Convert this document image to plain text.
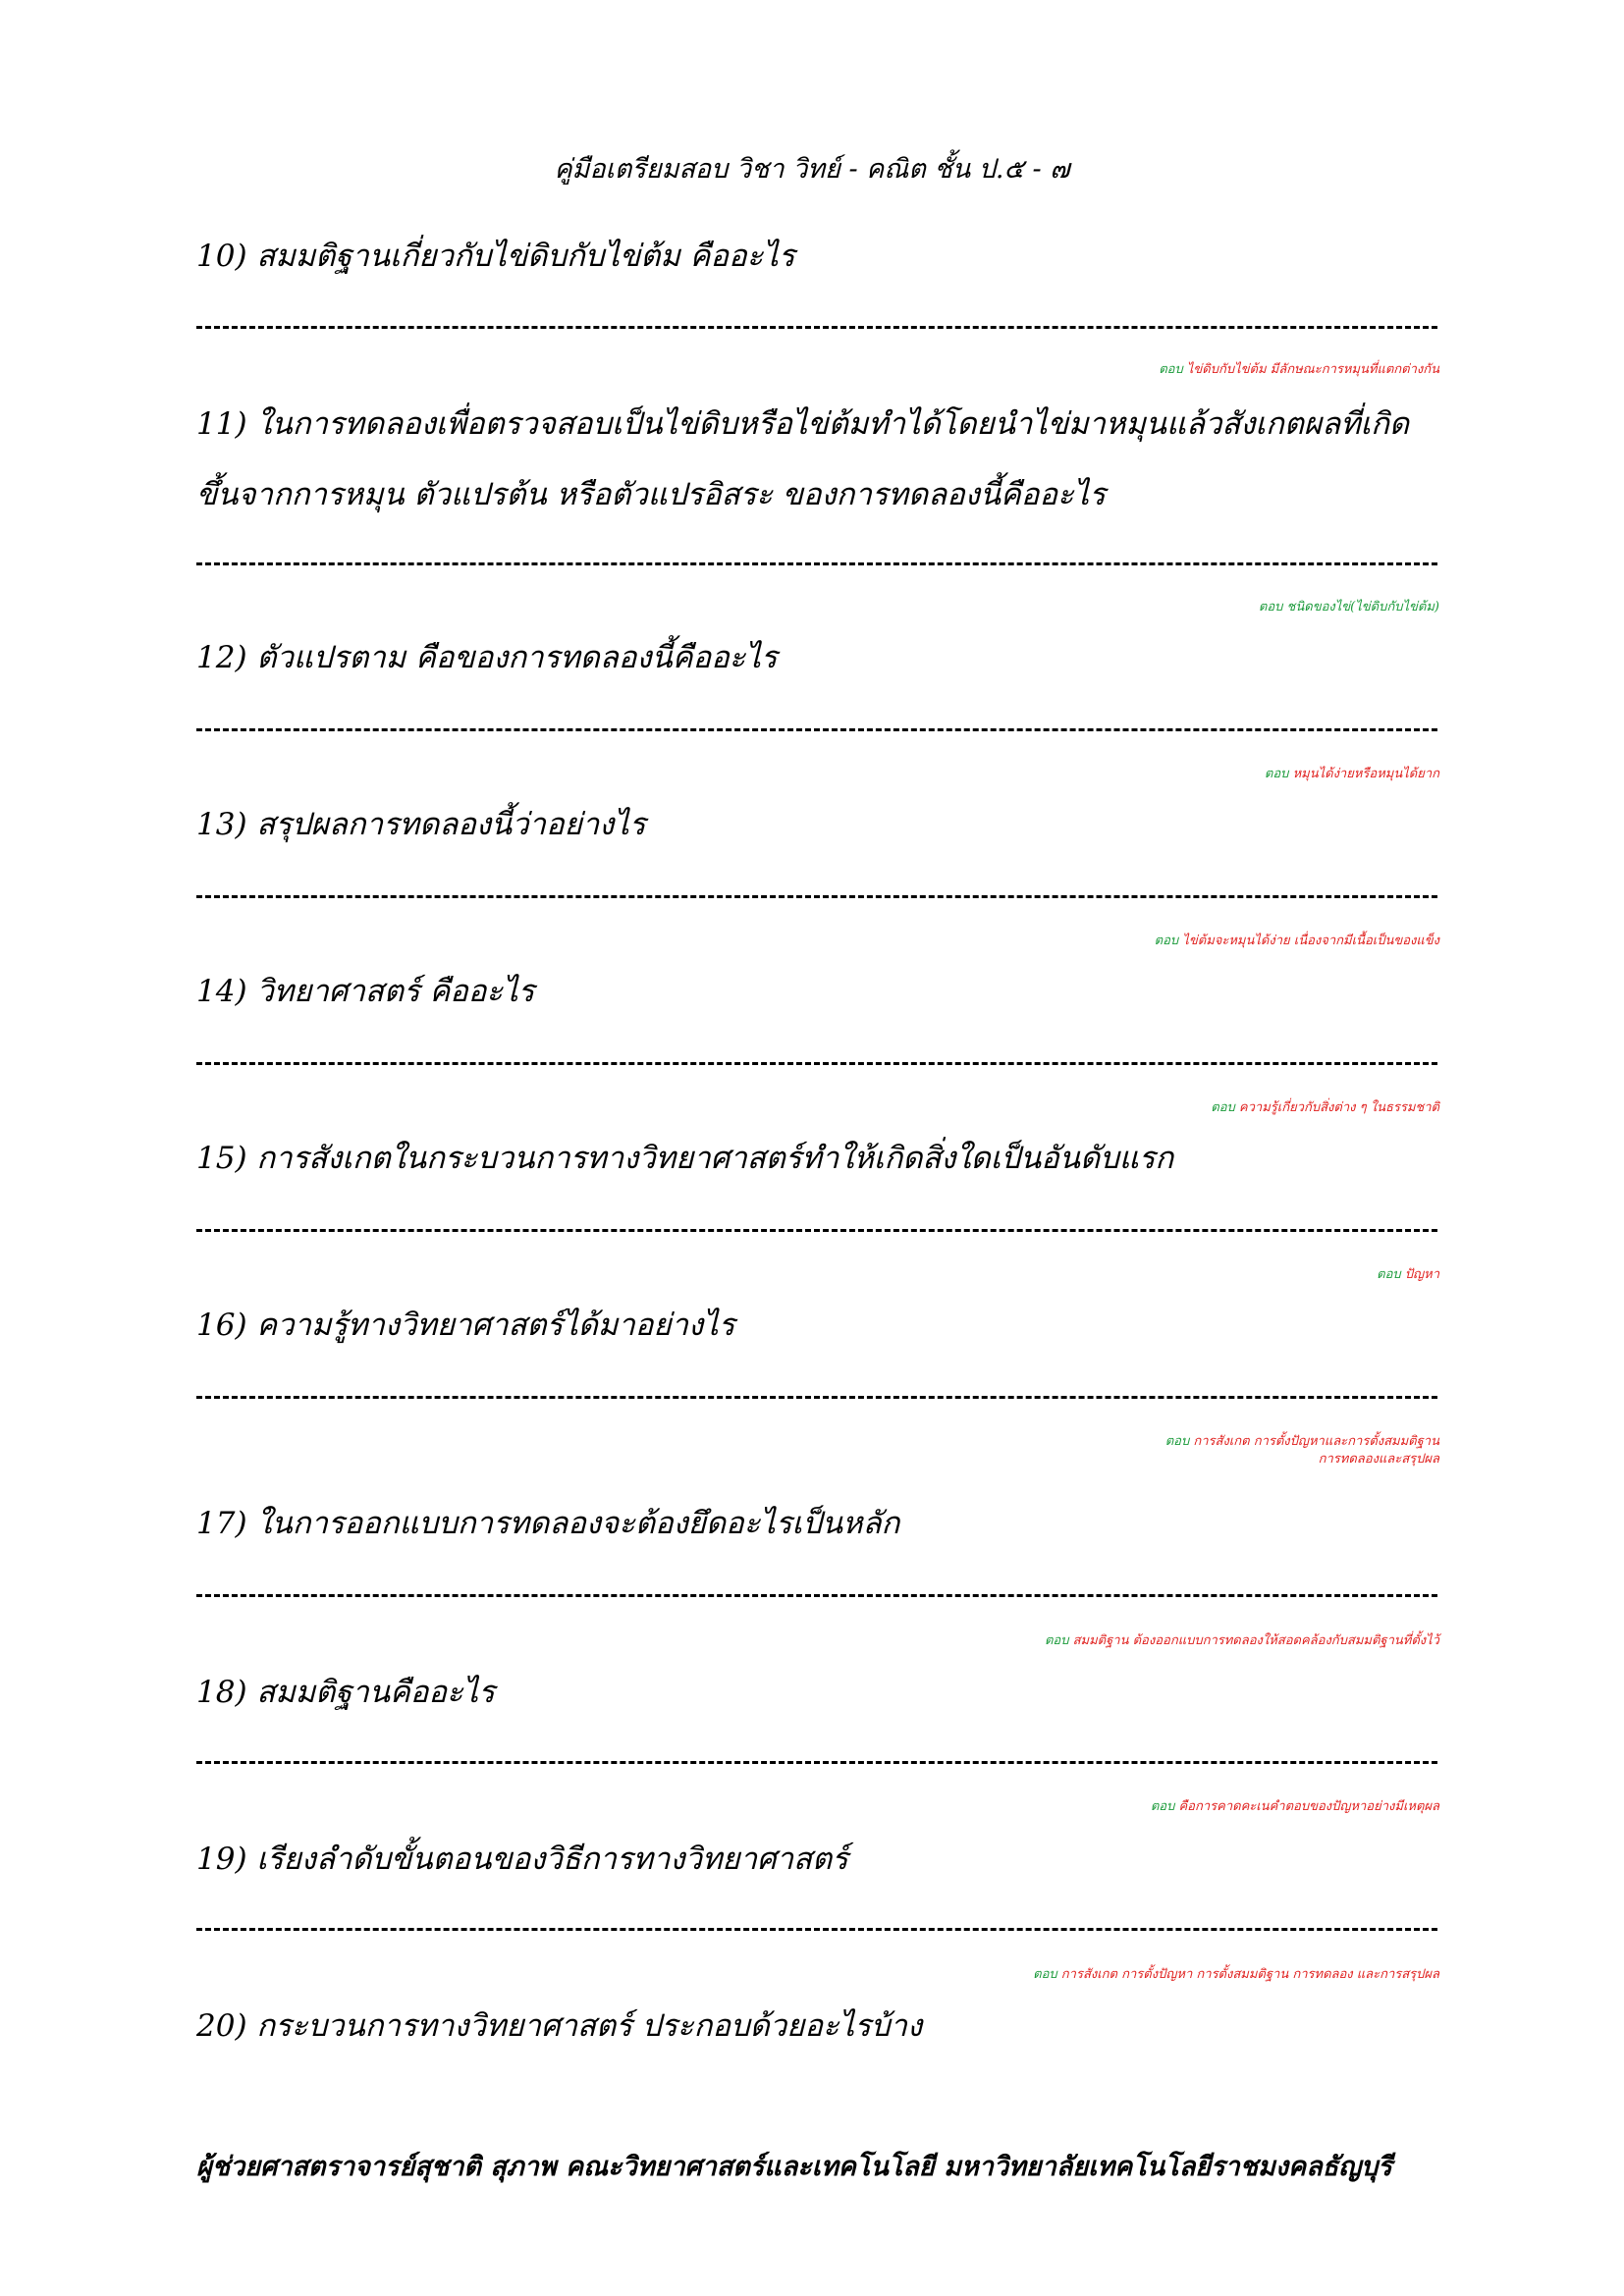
คู่มือเตรียมสอบ วิชา วิทย์ - คณิต ชั้น ป.๕ - ๗
10) สมมติฐานเกี่ยวกับไข่ดิบกับไข่ต้ม คืออะไร
ตอบ ไข่ดิบกับไข่ต้ม มีลักษณะการหมุนที่แตกต่างกัน
11) ในการทดลองเพื่อตรวจสอบเป็นไข่ดิบหรือไข่ต้มทำได้โดยนำไข่มาหมุนแล้วสังเกตผลที่เกิดขึ้นจากการหมุน ตัวแปรต้น หรือตัวแปรอิสระ ของการทดลองนี้คืออะไร
ตอบ ชนิดของไข่(ไข่ดิบกับไข่ต้ม)
12) ตัวแปรตาม คือของการทดลองนี้คืออะไร
ตอบ หมุนได้ง่ายหรือหมุนได้ยาก
13) สรุปผลการทดลองนี้ว่าอย่างไร
ตอบ ไข่ต้มจะหมุนได้ง่าย เนื่องจากมีเนื้อเป็นของแข็ง
14) วิทยาศาสตร์ คืออะไร
ตอบ ความรู้เกี่ยวกับสิ่งต่าง ๆ ในธรรมชาติ
15) การสังเกตในกระบวนการทางวิทยาศาสตร์ทำให้เกิดสิ่งใดเป็นอันดับแรก
ตอบ ปัญหา
16) ความรู้ทางวิทยาศาสตร์ได้มาอย่างไร
ตอบ การสังเกต การตั้งปัญหาและการตั้งสมมติฐาน
การทดลองและสรุปผล
17) ในการออกแบบการทดลองจะต้องยึดอะไรเป็นหลัก
ตอบ สมมติฐาน ต้องออกแบบการทดลองให้สอดคล้องกับสมมติฐานที่ตั้งไว้
18) สมมติฐานคืออะไร
ตอบ คือการคาดคะเนคำตอบของปัญหาอย่างมีเหตุผล
19) เรียงลำดับขั้นตอนของวิธีการทางวิทยาศาสตร์
ตอบ การสังเกต การตั้งปัญหา การตั้งสมมติฐาน การทดลอง และการสรุปผล
20) กระบวนการทางวิทยาศาสตร์ ประกอบด้วยอะไรบ้าง
ผู้ช่วยศาสตราจารย์สุชาติ สุภาพ คณะวิทยาศาสตร์และเทคโนโลยี มหาวิทยาลัยเทคโนโลยีราชมงคลธัญบุรี
